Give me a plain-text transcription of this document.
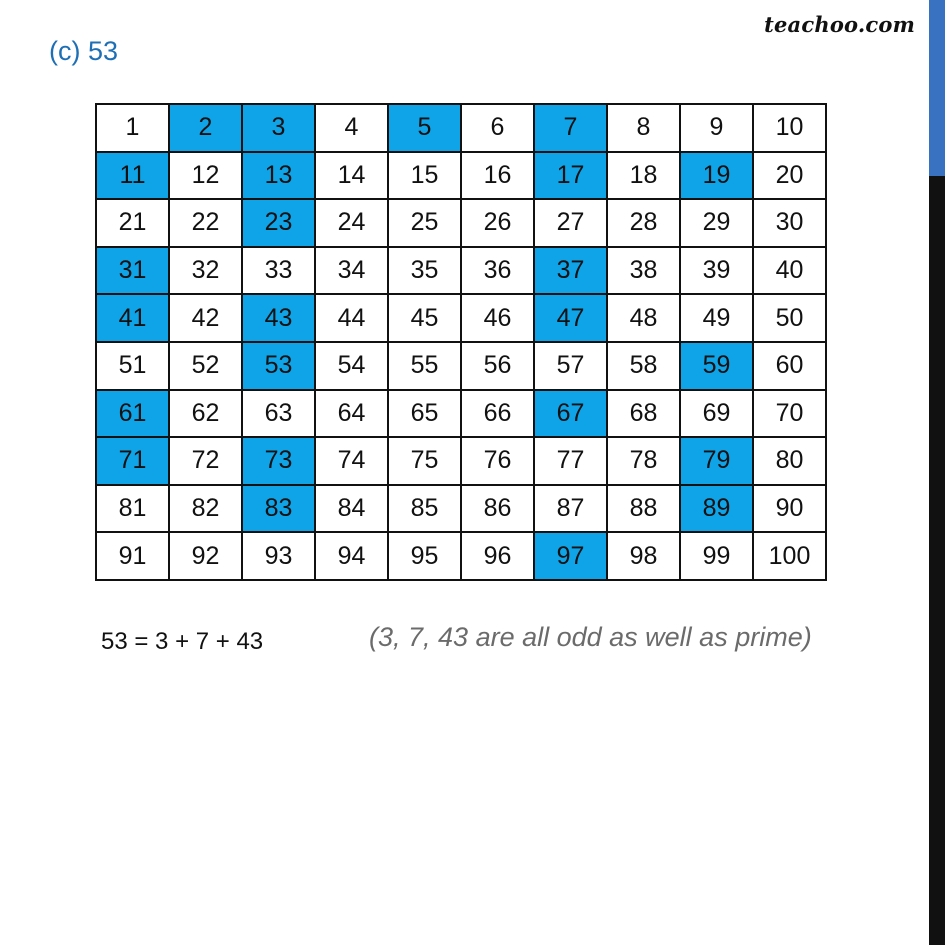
(c) 53
teachoo.com
1	2	3	4	5	6	7	8	9	10
11	12	13	14	15	16	17	18	19	20
21	22	23	24	25	26	27	28	29	30
31	32	33	34	35	36	37	38	39	40
41	42	43	44	45	46	47	48	49	50
51	52	53	54	55	56	57	58	59	60
61	62	63	64	65	66	67	68	69	70
71	72	73	74	75	76	77	78	79	80
81	82	83	84	85	86	87	88	89	90
91	92	93	94	95	96	97	98	99	100
53 = 3 + 7 + 43	(3, 7, 43 are all odd as well as prime)
